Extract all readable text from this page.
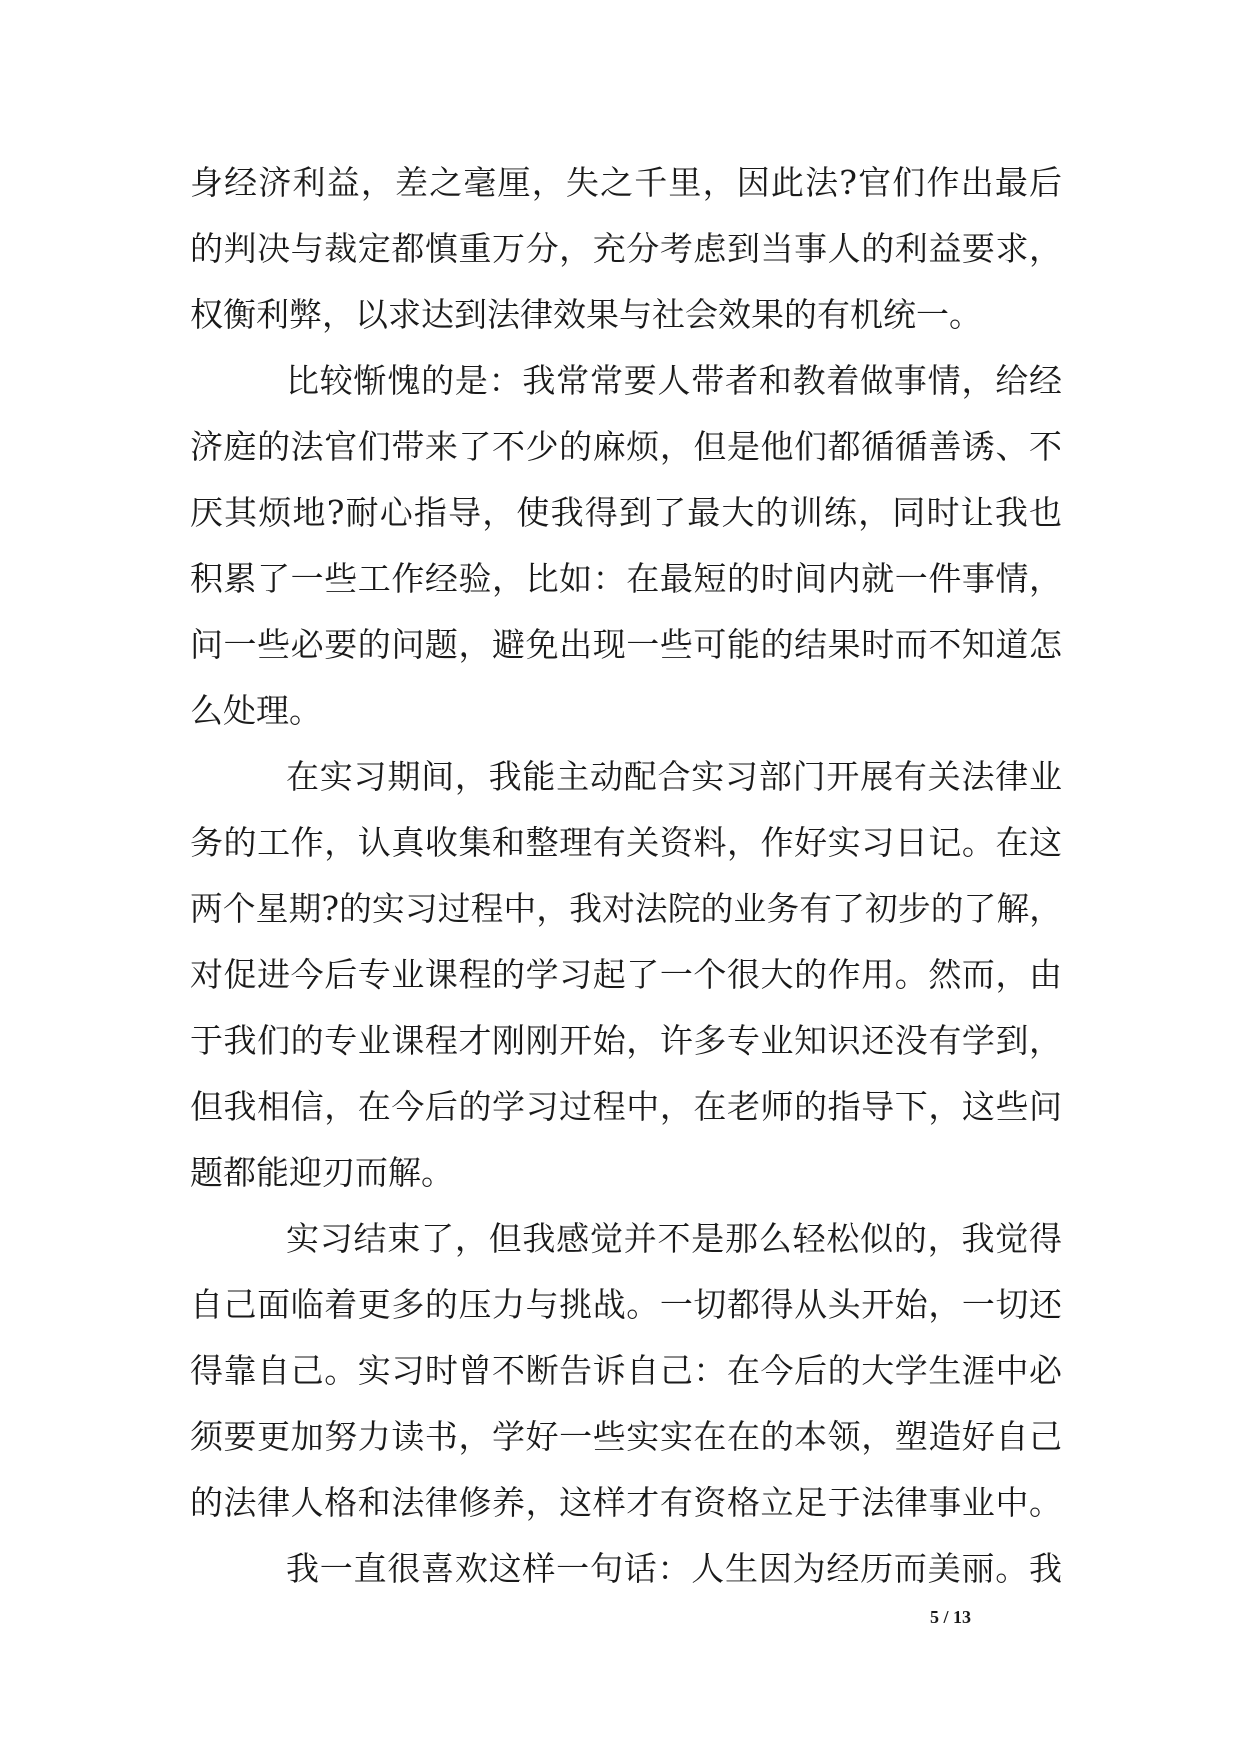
身经济利益，差之毫厘，失之千里，因此法?官们作出最后
的判决与裁定都慎重万分，充分考虑到当事人的利益要求，
权衡利弊，以求达到法律效果与社会效果的有机统一。
比较惭愧的是：我常常要人带者和教着做事情，给经
济庭的法官们带来了不少的麻烦，但是他们都循循善诱、不
厌其烦地?耐心指导，使我得到了最大的训练，同时让我也
积累了一些工作经验，比如：在最短的时间内就一件事情，
问一些必要的问题，避免出现一些可能的结果时而不知道怎
么处理。
在实习期间，我能主动配合实习部门开展有关法律业
务的工作，认真收集和整理有关资料，作好实习日记。在这
两个星期?的实习过程中，我对法院的业务有了初步的了解，
对促进今后专业课程的学习起了一个很大的作用。然而，由
于我们的专业课程才刚刚开始，许多专业知识还没有学到，
但我相信，在今后的学习过程中，在老师的指导下，这些问
题都能迎刃而解。
实习结束了，但我感觉并不是那么轻松似的，我觉得
自己面临着更多的压力与挑战。一切都得从头开始，一切还
得靠自己。实习时曾不断告诉自己：在今后的大学生涯中必
须要更加努力读书，学好一些实实在在的本领，塑造好自己
的法律人格和法律修养，这样才有资格立足于法律事业中。
我一直很喜欢这样一句话：人生因为经历而美丽。我
5 / 13
